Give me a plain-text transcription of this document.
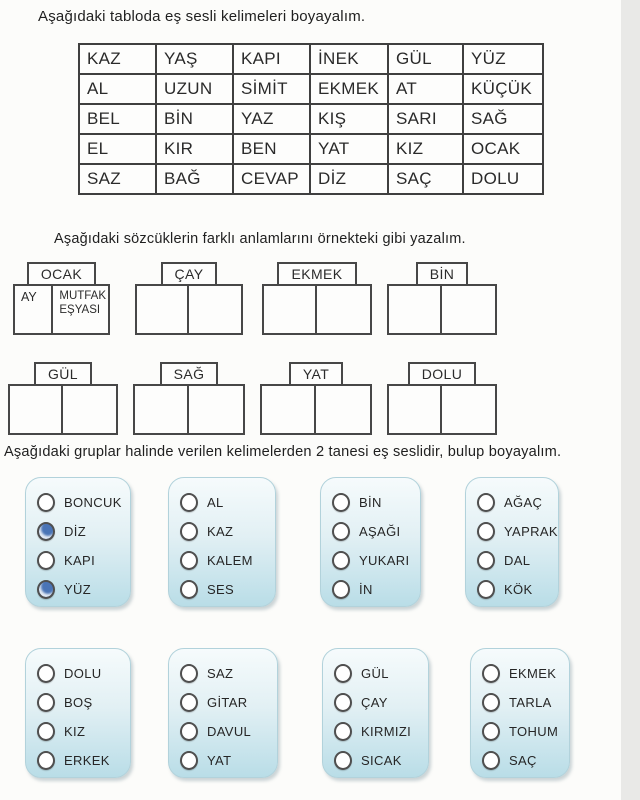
Aşağıdaki tabloda eş sesli kelimeleri boyayalım.
KAZ	YAŞ	KAPI	İNEK	GÜL	YÜZ
AL	UZUN	SİMİT	EKMEK	AT	KÜÇÜK
BEL	BİN	YAZ	KIŞ	SARI	SAĞ
EL	KIR	BEN	YAT	KIZ	OCAK
SAZ	BAĞ	CEVAP	DİZ	SAÇ	DOLU
Aşağıdaki sözcüklerin farklı anlamlarını örnekteki gibi yazalım.
OCAK
AY	MUTFAK EŞYASI
ÇAY	EKMEK	BİN
GÜL	SAĞ	YAT	DOLU
Aşağıdaki gruplar halinde verilen kelimelerden 2 tanesi eş seslidir, bulup boyayalım.
BONCUK
DİZ
KAPI
YÜZ
AL
KAZ
KALEM
SES
BİN
AŞAĞI
YUKARI
İN
AĞAÇ
YAPRAK
DAL
KÖK
DOLU
BOŞ
KIZ
ERKEK
SAZ
GİTAR
DAVUL
YAT
GÜL
ÇAY
KIRMIZI
SICAK
EKMEK
TARLA
TOHUM
SAÇ
